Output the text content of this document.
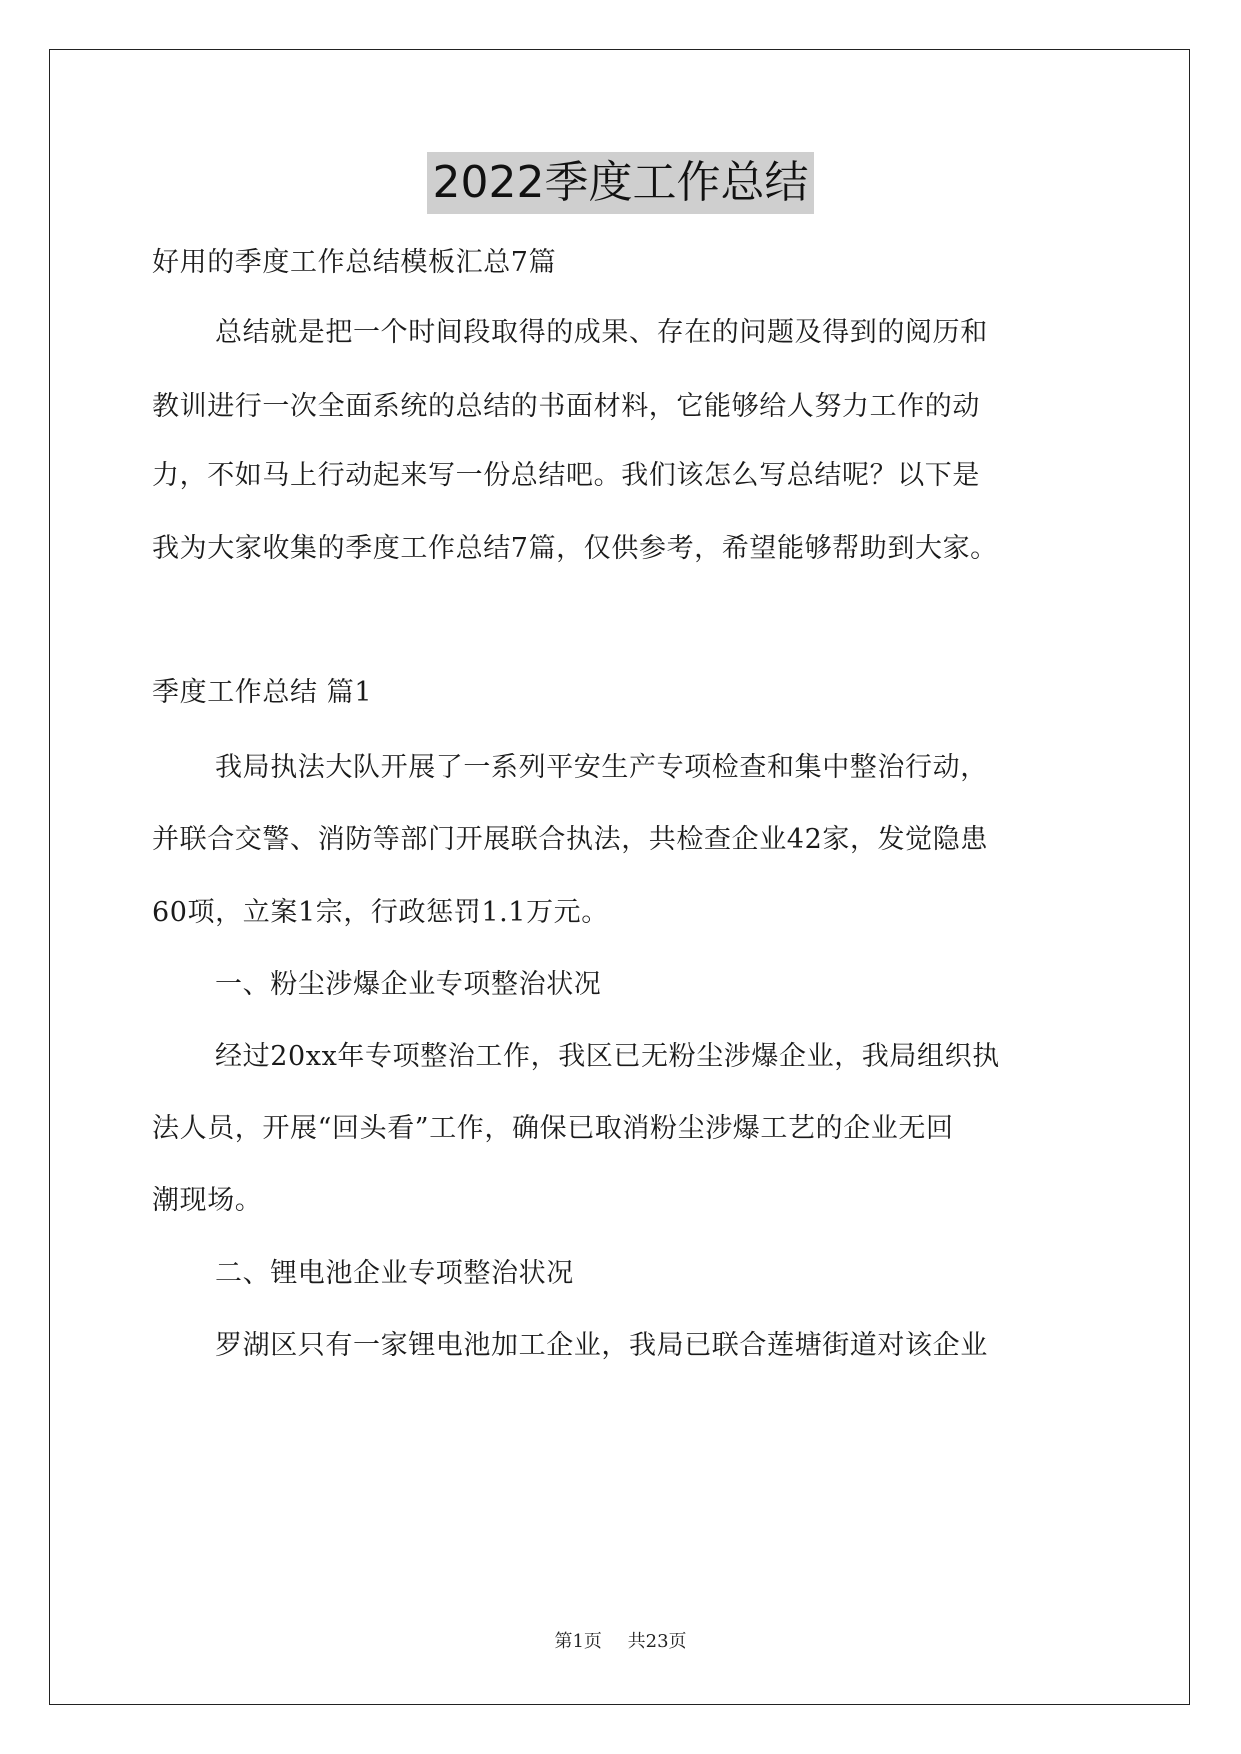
2022季度工作总结
好用的季度工作总结模板汇总7篇
总结就是把一个时间段取得的成果、存在的问题及得到的阅历和
教训进行一次全面系统的总结的书面材料，它能够给人努力工作的动
力，不如马上行动起来写一份总结吧。我们该怎么写总结呢？以下是
我为大家收集的季度工作总结7篇，仅供参考，希望能够帮助到大家。
季度工作总结 篇1
我局执法大队开展了一系列平安生产专项检查和集中整治行动，
并联合交警、消防等部门开展联合执法，共检查企业42家，发觉隐患
60项，立案1宗，行政惩罚1.1万元。
一、粉尘涉爆企业专项整治状况
经过20xx年专项整治工作，我区已无粉尘涉爆企业，我局组织执
法人员，开展“回头看”工作，确保已取消粉尘涉爆工艺的企业无回
潮现场。
二、锂电池企业专项整治状况
罗湖区只有一家锂电池加工企业，我局已联合莲塘街道对该企业
第1页 共23页
